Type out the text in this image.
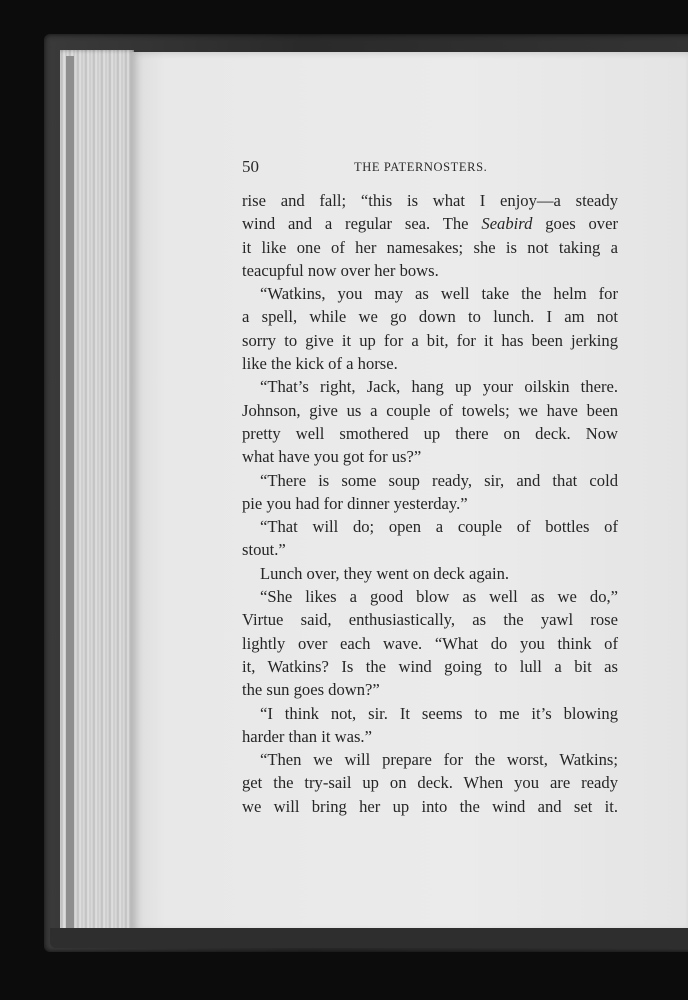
50	THE PATERNOSTERS.
rise and fall; “this is what I enjoy—a steady
wind and a regular sea. The Seabird goes over
it like one of her namesakes; she is not taking a
teacupful now over her bows.
“Watkins, you may as well take the helm for
a spell, while we go down to lunch. I am not
sorry to give it up for a bit, for it has been jerking
like the kick of a horse.
“That’s right, Jack, hang up your oilskin there.
Johnson, give us a couple of towels; we have been
pretty well smothered up there on deck. Now
what have you got for us?”
“There is some soup ready, sir, and that cold
pie you had for dinner yesterday.”
“That will do; open a couple of bottles of
stout.”
Lunch over, they went on deck again.
“She likes a good blow as well as we do,”
Virtue said, enthusiastically, as the yawl rose
lightly over each wave. “What do you think of
it, Watkins? Is the wind going to lull a bit as
the sun goes down?”
“I think not, sir. It seems to me it’s blowing
harder than it was.”
“Then we will prepare for the worst, Watkins;
get the try-sail up on deck. When you are ready
we will bring her up into the wind and set it.
